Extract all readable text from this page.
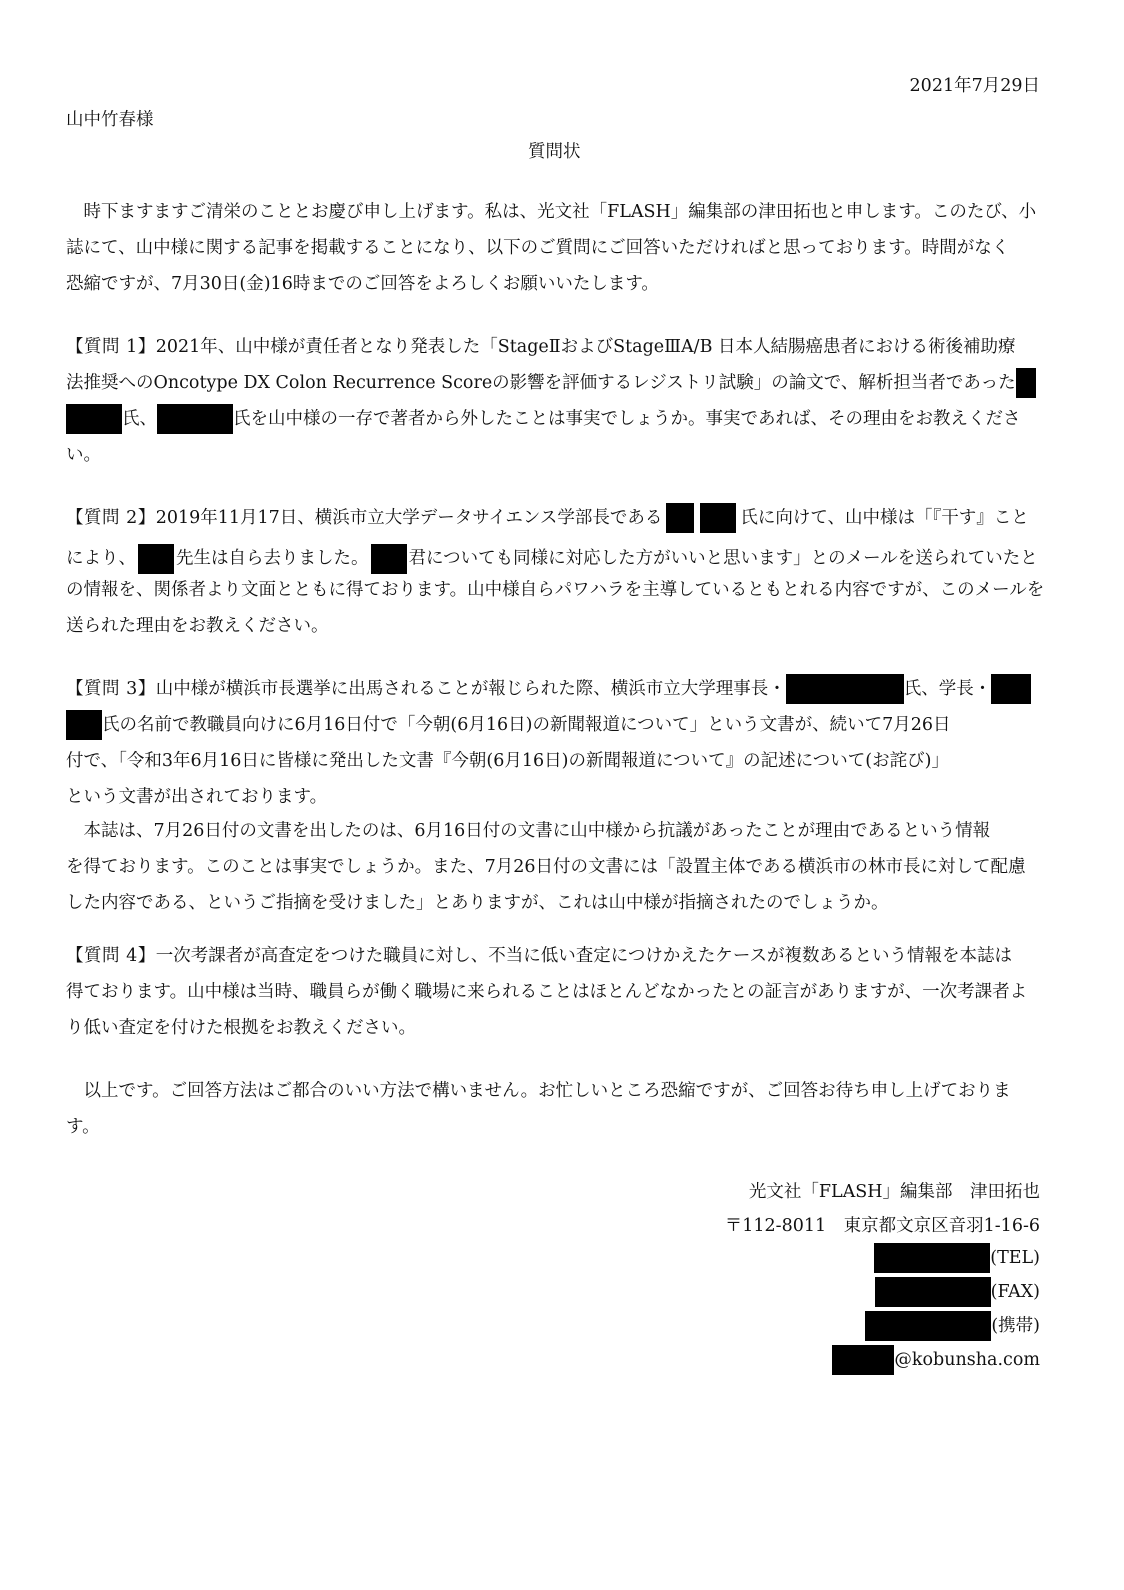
2021年7月29日
山中竹春様
質問状
　時下ますますご清栄のこととお慶び申し上げます。私は、光文社「FLASH」編集部の津田拓也と申します。このたび、小
誌にて、山中様に関する記事を掲載することになり、以下のご質問にご回答いただければと思っております。時間がなく
恐縮ですが、7月30日(金)16時までのご回答をよろしくお願いいたします。
【質問 1】2021年、山中様が責任者となり発表した「StageⅡおよびStageⅢA/B 日本人結腸癌患者における術後補助療
法推奨へのOncotype DX Colon Recurrence Scoreの影響を評価するレジストリ試験」の論文で、解析担当者であった
氏、	氏を山中様の一存で著者から外したことは事実でしょうか。事実であれば、その理由をお教えくださ
い。
【質問 2】2019年11月17日、横浜市立大学データサイエンス学部長である	氏に向けて、山中様は「『干す』こと
により、 先生は自ら去りました。 君についても同様に対応した方がいいと思います」とのメールを送られていたと
の情報を、関係者より文面とともに得ております。山中様自らパワハラを主導しているともとれる内容ですが、このメールを
送られた理由をお教えください。
【質問 3】山中様が横浜市長選挙に出馬されることが報じられた際、横浜市立大学理事長・	氏、学長・
氏の名前で教職員向けに6月16日付で「今朝(6月16日)の新聞報道について」という文書が、続いて7月26日
付で、「令和3年6月16日に皆様に発出した文書『今朝(6月16日)の新聞報道について』の記述について(お詫び)」
という文書が出されております。
　本誌は、7月26日付の文書を出したのは、6月16日付の文書に山中様から抗議があったことが理由であるという情報
を得ております。このことは事実でしょうか。また、7月26日付の文書には「設置主体である横浜市の林市長に対して配慮
した内容である、というご指摘を受けました」とありますが、これは山中様が指摘されたのでしょうか。
【質問 4】一次考課者が高査定をつけた職員に対し、不当に低い査定につけかえたケースが複数あるという情報を本誌は
得ております。山中様は当時、職員らが働く職場に来られることはほとんどなかったとの証言がありますが、一次考課者よ
り低い査定を付けた根拠をお教えください。
　以上です。ご回答方法はご都合のいい方法で構いません。お忙しいところ恐縮ですが、ご回答お待ち申し上げておりま
す。
光文社「FLASH」編集部　津田拓也
〒112-8011　東京都文京区音羽1-16-6
(TEL)
(FAX)
(携帯)
@kobunsha.com
